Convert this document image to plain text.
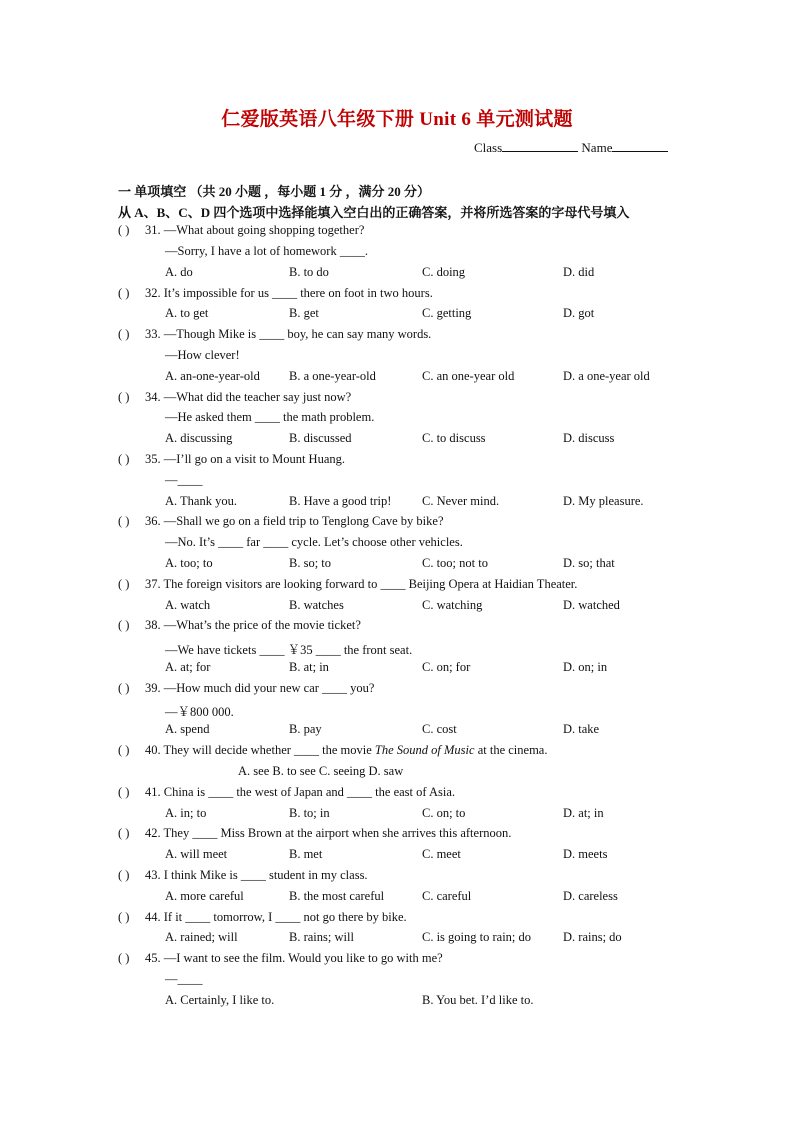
仁爱版英语八年级下册 Unit 6 单元测试题
Class	Name
一 单项填空 （共 20 小题 ，每小题 1 分 ，满分 20 分）
从 A、B、C、D 四个选项中选择能填入空白出的正确答案，并将所选答案的字母代号填入
( ) 31. —What about going shopping together?
—Sorry, I have a lot of homework ____.
A. do	B. to do	C. doing	D. did
( ) 32. It’s impossible for us ____ there on foot in two hours.
A. to get	B. get	C. getting	D. got
( ) 33. —Though Mike is ____ boy, he can say many words.
—How clever!
A. an-one-year-old B. a one-year-old	C. an one-year old	D. a one-year old
( ) 34. —What did the teacher say just now?
—He asked them ____ the math problem.
A. discussing	B. discussed	C. to discuss	D. discuss
( ) 35. —I’ll go on a visit to Mount Huang.
—____
A. Thank you.	B. Have a good trip! C. Never mind.	D. My pleasure.
( ) 36. —Shall we go on a field trip to Tenglong Cave by bike?
—No. It’s ____ far ____ cycle. Let’s choose other vehicles.
A. too; to	B. so; to	C. too; not to	D. so; that
( ) 37. The foreign visitors are looking forward to ____ Beijing Opera at Haidian Theater.
A. watch	B. watches	C. watching	D. watched
( ) 38. —What’s the price of the movie ticket?
—We have tickets ____ ￥35 ____ the front seat.
A. at; for	B. at; in	C. on; for	D. on; in
( ) 39. —How much did your new car ____ you?
—￥800 000.
A. spend	B. pay	C. cost	D. take
( ) 40. They will decide whether ____ the movie The Sound of Music at the cinema.
A. see B. to see C. seeing D. saw
( ) 41. China is ____ the west of Japan and ____ the east of Asia.
A. in; to	B. to; in	C. on; to	D. at; in
( ) 42. They ____ Miss Brown at the airport when she arrives this afternoon.
A. will meet	B. met	C. meet	D. meets
( ) 43. I think Mike is ____ student in my class.
A. more careful	B. the most careful	C. careful	D. careless
( ) 44. If it ____ tomorrow, I ____ not go there by bike.
A. rained; will	B. rains; will	C. is going to rain; do	D. rains; do
( ) 45. —I want to see the film. Would you like to go with me?
—____
A. Certainly, I like to.	B. You bet. I’d like to.
